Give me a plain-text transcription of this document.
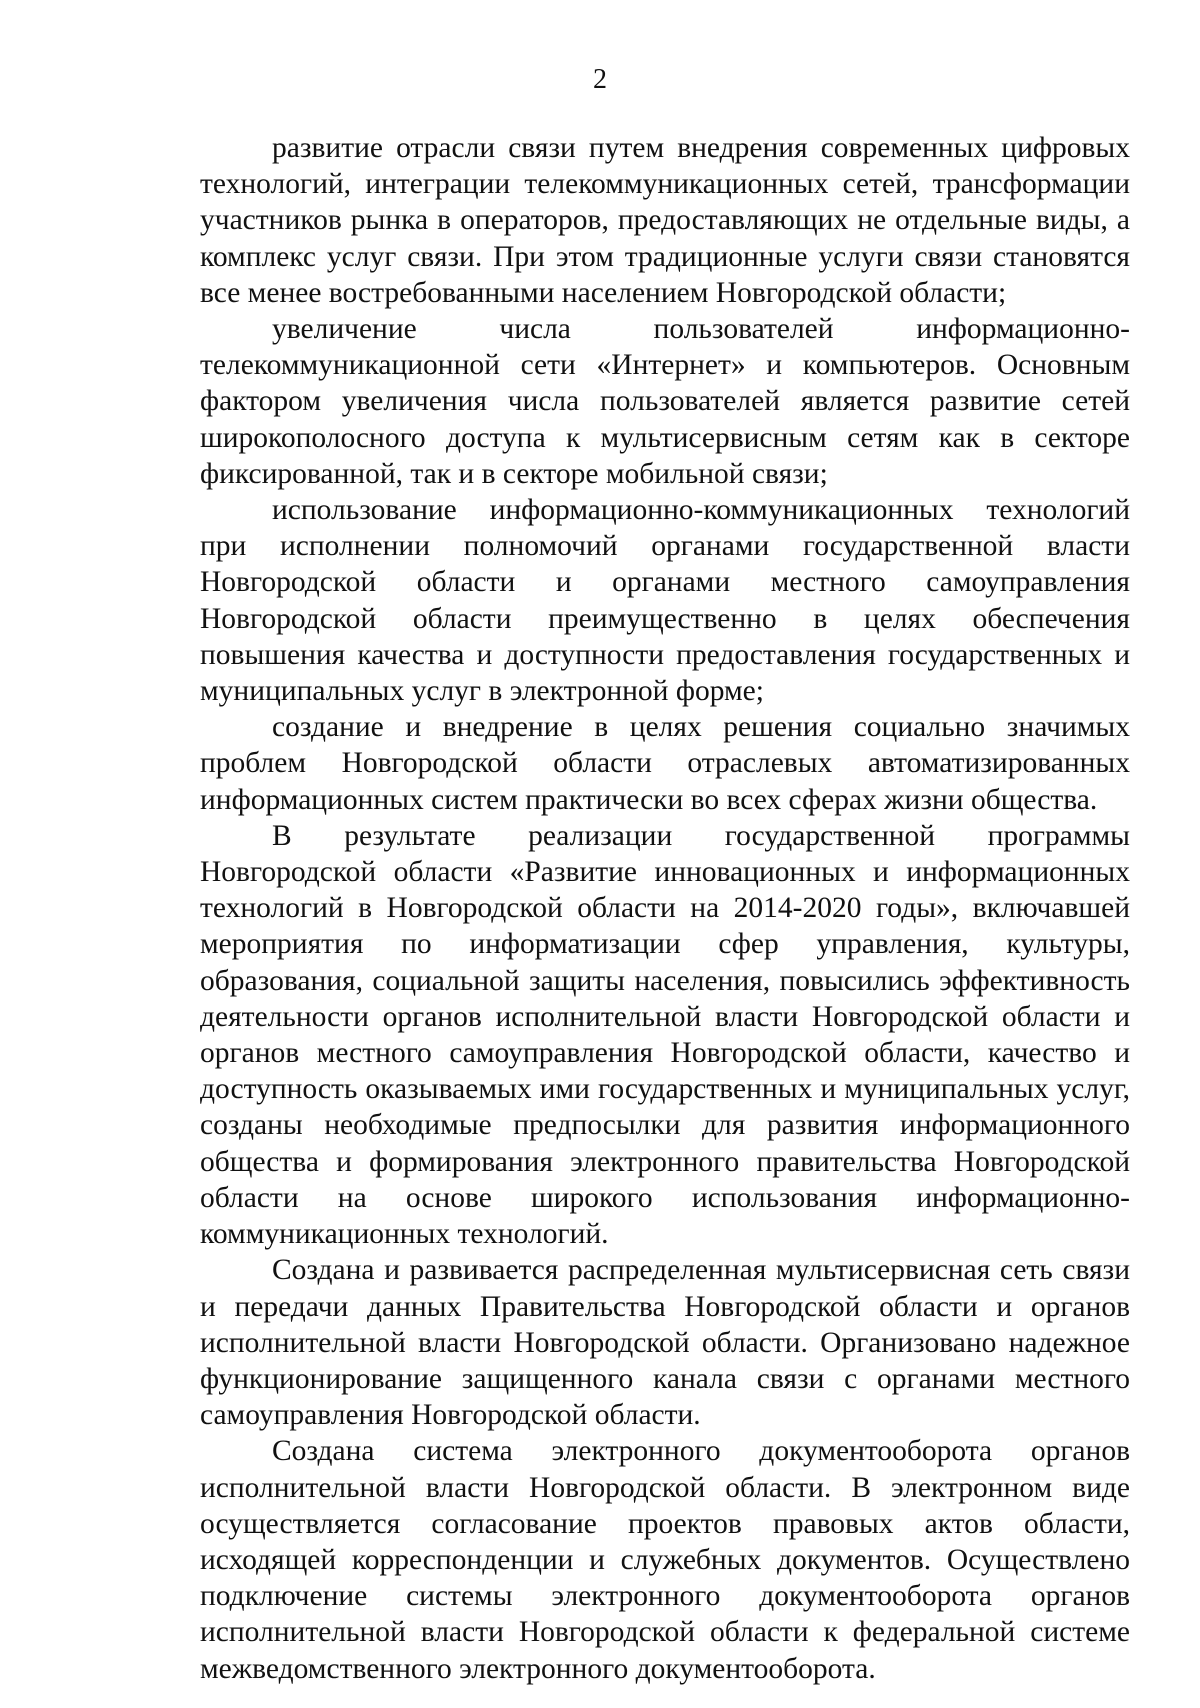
2

развитие отрасли связи путем внедрения современных цифровых технологий, интеграции телекоммуникационных сетей, трансформации участников рынка в операторов, предоставляющих не отдельные виды, а комплекс услуг связи. При этом традиционные услуги связи становятся все менее востребованными населением Новгородской области;

увеличение числа пользователей информационно-телекоммуникационной сети «Интернет» и компьютеров. Основным фактором увеличения числа пользователей является развитие сетей широкополосного доступа к мультисервисным сетям как в секторе фиксированной, так и в секторе мобильной связи;

использование информационно-коммуникационных технологий при исполнении полномочий органами государственной власти Новгородской области и органами местного самоуправления Новгородской области преимущественно в целях обеспечения повышения качества и доступности предоставления государственных и муниципальных услуг в электронной форме;

создание и внедрение в целях решения социально значимых проблем Новгородской области отраслевых автоматизированных информационных систем практически во всех сферах жизни общества.

В результате реализации государственной программы Новгородской области «Развитие инновационных и информационных технологий в Новгородской области на 2014-2020 годы», включавшей мероприятия по информатизации сфер управления, культуры, образования, социальной защиты населения, повысились эффективность деятельности органов исполнительной власти Новгородской области и органов местного самоуправления Новгородской области, качество и доступность оказываемых ими государственных и муниципальных услуг, созданы необходимые предпосылки для развития информационного общества и формирования электронного правительства Новгородской области на основе широкого использования информационно-коммуникационных технологий.

Создана и развивается распределенная мультисервисная сеть связи и передачи данных Правительства Новгородской области и органов исполнительной власти Новгородской области. Организовано надежное функционирование защищенного канала связи с органами местного самоуправления Новгородской области.

Создана система электронного документооборота органов исполнительной власти Новгородской области. В электронном виде осуществляется согласование проектов правовых актов области, исходящей корреспонденции и служебных документов. Осуществлено подключение системы электронного документооборота органов исполнительной власти Новгородской области к федеральной системе межведомственного электронного документооборота.
